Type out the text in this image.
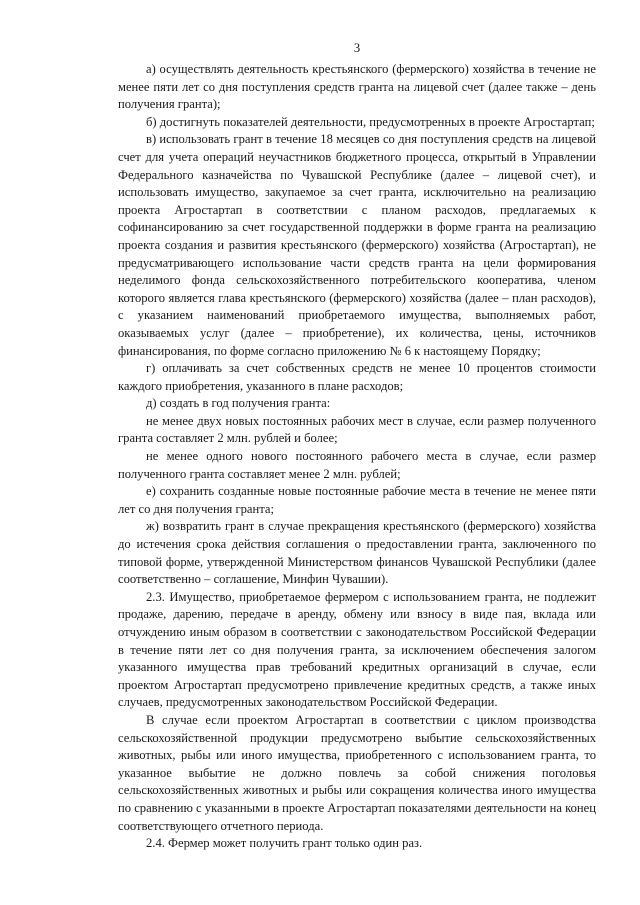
3

а) осуществлять деятельность крестьянского (фермерского) хозяйства в течение не менее пяти лет со дня поступления средств гранта на лицевой счет (далее также – день получения гранта);

б) достигнуть показателей деятельности, предусмотренных в проекте Агростартап;

в) использовать грант в течение 18 месяцев со дня поступления средств на лицевой счет для учета операций неучастников бюджетного процесса, открытый в Управлении Федерального казначейства по Чувашской Республике (далее – лицевой счет), и использовать имущество, закупаемое за счет гранта, исключительно на реализацию проекта Агростартап в соответствии с планом расходов, предлагаемых к софинансированию за счет государственной поддержки в форме гранта на реализацию проекта создания и развития крестьянского (фермерского) хозяйства (Агростартап), не предусматривающего использование части средств гранта на цели формирования неделимого фонда сельскохозяйственного потребительского кооператива, членом которого является глава крестьянского (фермерского) хозяйства (далее – план расходов), с указанием наименований приобретаемого имущества, выполняемых работ, оказываемых услуг (далее – приобретение), их количества, цены, источников финансирования, по форме согласно приложению № 6 к настоящему Порядку;

г) оплачивать за счет собственных средств не менее 10 процентов стоимости каждого приобретения, указанного в плане расходов;

д) создать в год получения гранта:

не менее двух новых постоянных рабочих мест в случае, если размер полученного гранта составляет 2 млн. рублей и более;

не менее одного нового постоянного рабочего места в случае, если размер полученного гранта составляет менее 2 млн. рублей;

е) сохранить созданные новые постоянные рабочие места в течение не менее пяти лет со дня получения гранта;

ж) возвратить грант в случае прекращения крестьянского (фермерского) хозяйства до истечения срока действия соглашения о предоставлении гранта, заключенного по типовой форме, утвержденной Министерством финансов Чувашской Республики (далее соответственно – соглашение, Минфин Чувашии).

2.3. Имущество, приобретаемое фермером с использованием гранта, не подлежит продаже, дарению, передаче в аренду, обмену или взносу в виде пая, вклада или отчуждению иным образом в соответствии с законодательством Российской Федерации в течение пяти лет со дня получения гранта, за исключением обеспечения залогом указанного имущества прав требований кредитных организаций в случае, если проектом Агростартап предусмотрено привлечение кредитных средств, а также иных случаев, предусмотренных законодательством Российской Федерации.

В случае если проектом Агростартап в соответствии с циклом производства сельскохозяйственной продукции предусмотрено выбытие сельскохозяйственных животных, рыбы или иного имущества, приобретенного с использованием гранта, то указанное выбытие не должно повлечь за собой снижения поголовья сельскохозяйственных животных и рыбы или сокращения количества иного имущества по сравнению с указанными в проекте Агростартап показателями деятельности на конец соответствующего отчетного периода.

2.4. Фермер может получить грант только один раз.
